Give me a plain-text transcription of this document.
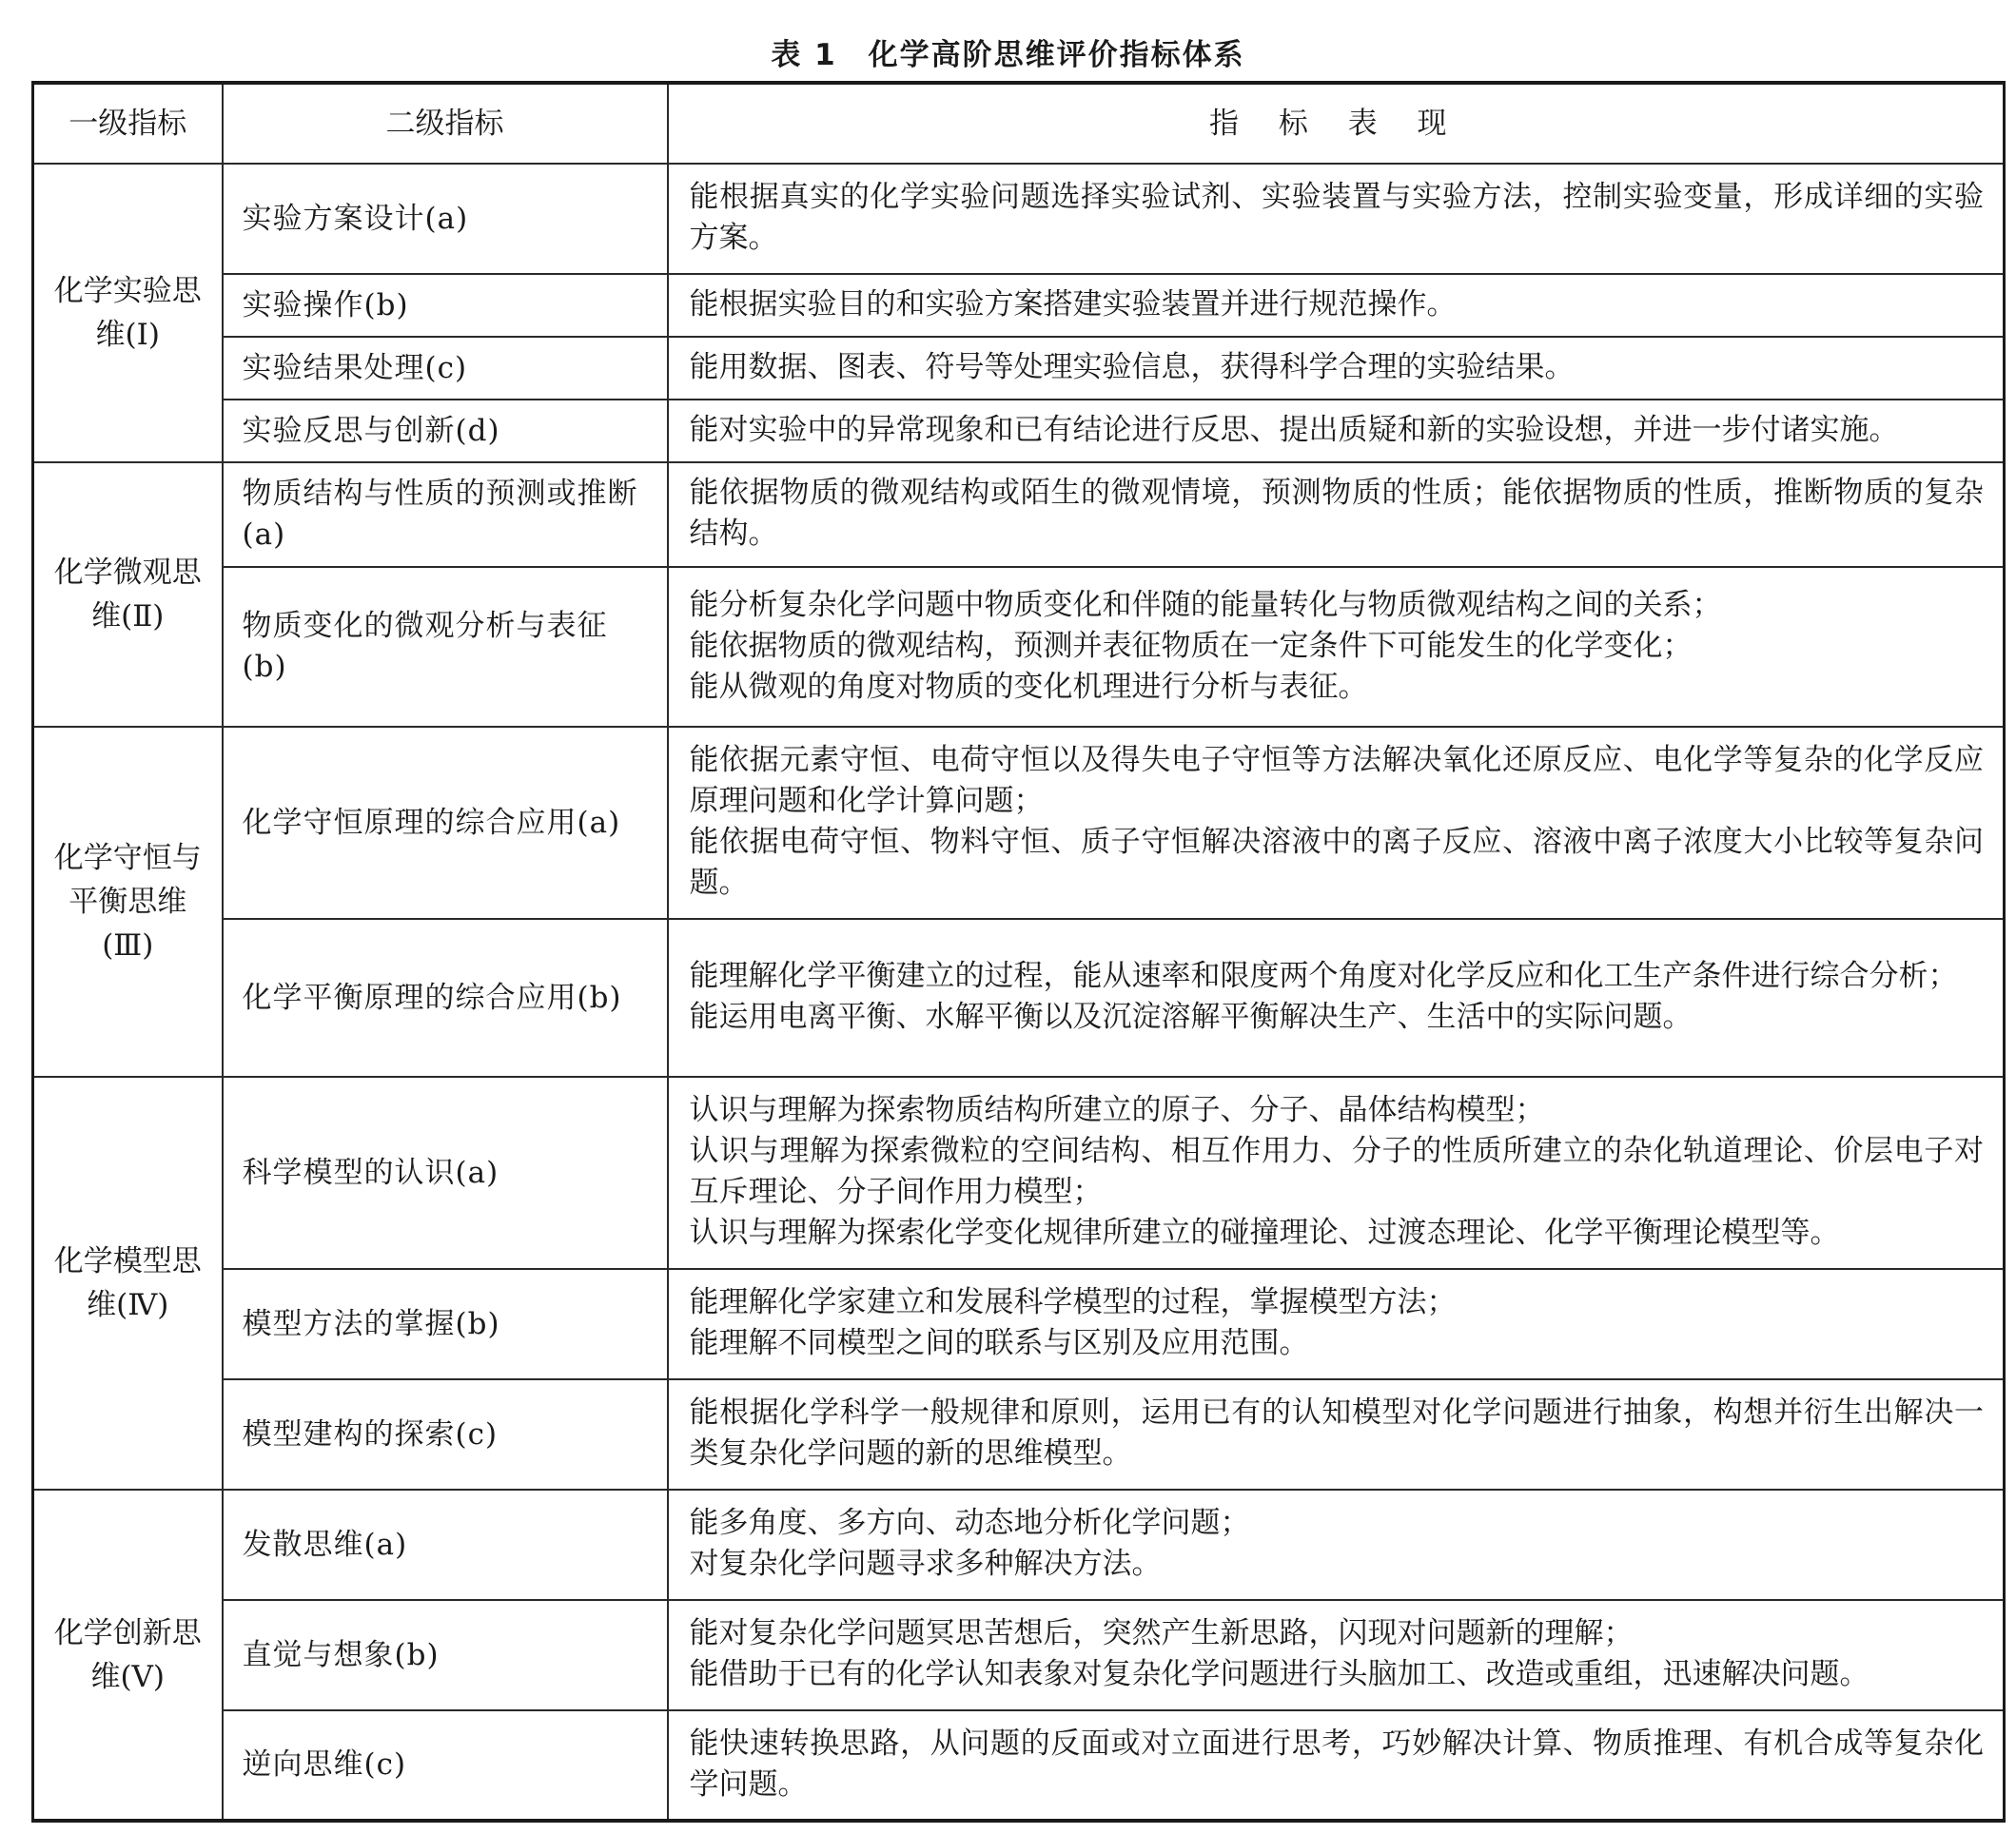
表 1　化学高阶思维评价指标体系
一级指标	二级指标	指 标 表 现
化学实验思维(Ⅰ)	实验方案设计(a)	能根据真实的化学实验问题选择实验试剂、实验装置与实验方法，控制实验变量，形成详细的实验方案。

	实验操作(b)	能根据实验目的和实验方案搭建实验装置并进行规范操作。

	实验结果处理(c)	能用数据、图表、符号等处理实验信息，获得科学合理的实验结果。

	实验反思与创新(d)	能对实验中的异常现象和已有结论进行反思、提出质疑和新的实验设想，并进一步付诸实施。

化学微观思维(Ⅱ)	物质结构与性质的预测或推断(a)	能依据物质的微观结构或陌生的微观情境，预测物质的性质；能依据物质的性质，推断物质的复杂结构。

	物质变化的微观分析与表征(b)	能分析复杂化学问题中物质变化和伴随的能量转化与物质微观结构之间的关系；
能依据物质的微观结构，预测并表征物质在一定条件下可能发生的化学变化；
能从微观的角度对物质的变化机理进行分析与表征。

化学守恒与平衡思维(Ⅲ)	化学守恒原理的综合应用(a)	能依据元素守恒、电荷守恒以及得失电子守恒等方法解决氧化还原反应、电化学等复杂的化学反应原理问题和化学计算问题；
能依据电荷守恒、物料守恒、质子守恒解决溶液中的离子反应、溶液中离子浓度大小比较等复杂问题。

	化学平衡原理的综合应用(b)	能理解化学平衡建立的过程，能从速率和限度两个角度对化学反应和化工生产条件进行综合分析；
能运用电离平衡、水解平衡以及沉淀溶解平衡解决生产、生活中的实际问题。

化学模型思维(Ⅳ)	科学模型的认识(a)	认识与理解为探索物质结构所建立的原子、分子、晶体结构模型；
认识与理解为探索微粒的空间结构、相互作用力、分子的性质所建立的杂化轨道理论、价层电子对互斥理论、分子间作用力模型；
认识与理解为探索化学变化规律所建立的碰撞理论、过渡态理论、化学平衡理论模型等。

	模型方法的掌握(b)	能理解化学家建立和发展科学模型的过程，掌握模型方法；
能理解不同模型之间的联系与区别及应用范围。

	模型建构的探索(c)	能根据化学科学一般规律和原则，运用已有的认知模型对化学问题进行抽象，构想并衍生出解决一类复杂化学问题的新的思维模型。

化学创新思维(Ⅴ)	发散思维(a)	能多角度、多方向、动态地分析化学问题；
对复杂化学问题寻求多种解决方法。

	直觉与想象(b)	能对复杂化学问题冥思苦想后，突然产生新思路，闪现对问题新的理解；
能借助于已有的化学认知表象对复杂化学问题进行头脑加工、改造或重组，迅速解决问题。

	逆向思维(c)	能快速转换思路，从问题的反面或对立面进行思考，巧妙解决计算、物质推理、有机合成等复杂化学问题。
